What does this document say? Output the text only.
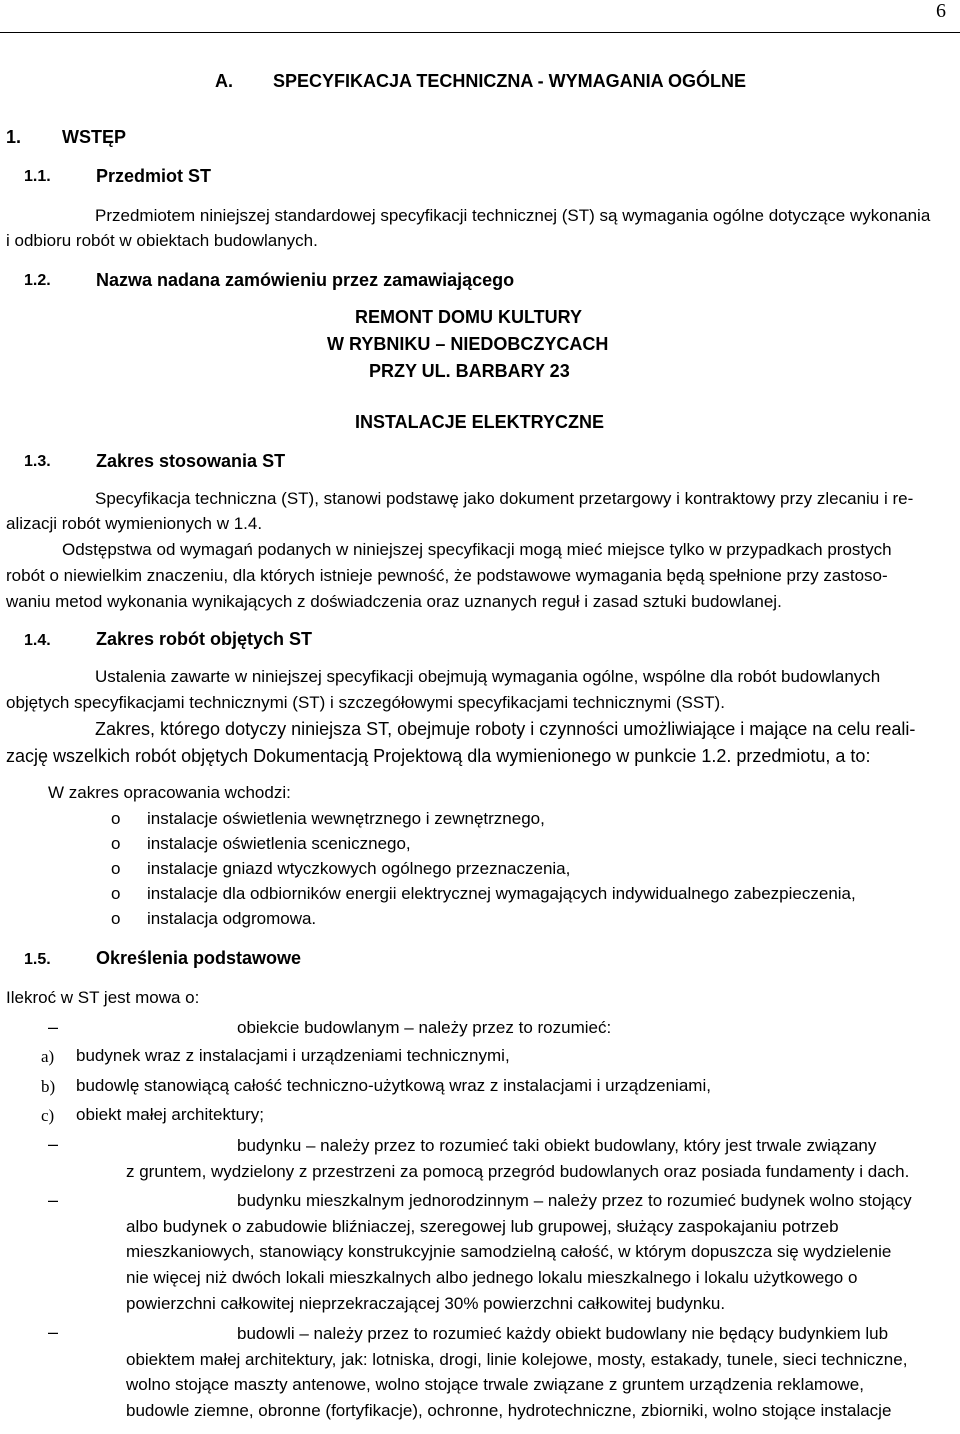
6
A. SPECYFIKACJA TECHNICZNA - WYMAGANIA OGÓLNE
1. WSTĘP
1.1.	Przedmiot ST
Przedmiotem niniejszej standardowej specyfikacji technicznej (ST) są wymagania ogólne dotyczące wykonania
i odbioru robót w obiektach budowlanych.
1.2.	Nazwa nadana zamówieniu przez zamawiającego
REMONT DOMU KULTURY
W RYBNIKU – NIEDOBCZYCACH
PRZY UL. BARBARY 23
INSTALACJE ELEKTRYCZNE
1.3.	Zakres stosowania ST
Specyfikacja techniczna (ST), stanowi podstawę jako dokument przetargowy i kontraktowy przy zlecaniu i re-
alizacji robót wymienionych w 1.4.
Odstępstwa od wymagań podanych w niniejszej specyfikacji mogą mieć miejsce tylko w przypadkach prostych
robót o niewielkim znaczeniu, dla których istnieje pewność, że podstawowe wymagania będą spełnione przy zastoso-
waniu metod wykonania wynikających z doświadczenia oraz uznanych reguł i zasad sztuki budowlanej.
1.4.	Zakres robót objętych ST
Ustalenia zawarte w niniejszej specyfikacji obejmują wymagania ogólne, wspólne dla robót budowlanych
objętych specyfikacjami technicznymi (ST) i szczegółowymi specyfikacjami technicznymi (SST).
Zakres, którego dotyczy niniejsza ST, obejmuje roboty i czynności umożliwiające i mające na celu reali-
zację wszelkich robót objętych Dokumentacją Projektową dla wymienionego w punkcie 1.2. przedmiotu, a to:
W zakres opracowania wchodzi:
o instalacje oświetlenia wewnętrznego i zewnętrznego,
o instalacje oświetlenia scenicznego,
o instalacje gniazd wtyczkowych ogólnego przeznaczenia,
o instalacje dla odbiorników energii elektrycznej wymagających indywidualnego zabezpieczenia,
o instalacja odgromowa.
1.5.	Określenia podstawowe
Ilekroć w ST jest mowa o:
–	obiekcie budowlanym – należy przez to rozumieć:
a) budynek wraz z instalacjami i urządzeniami technicznymi,
b) budowlę stanowiącą całość techniczno-użytkową wraz z instalacjami i urządzeniami,
c) obiekt małej architektury;
–	budynku – należy przez to rozumieć taki obiekt budowlany, który jest trwale związany
z gruntem, wydzielony z przestrzeni za pomocą przegród budowlanych oraz posiada fundamenty i dach.
–	budynku mieszkalnym jednorodzinnym – należy przez to rozumieć budynek wolno stojący
albo budynek o zabudowie bliźniaczej, szeregowej lub grupowej, służący zaspokajaniu potrzeb
mieszkaniowych, stanowiący konstrukcyjnie samodzielną całość, w którym dopuszcza się wydzielenie
nie więcej niż dwóch lokali mieszkalnych albo jednego lokalu mieszkalnego i lokalu użytkowego o
powierzchni całkowitej nieprzekraczającej 30% powierzchni całkowitej budynku.
–	budowli – należy przez to rozumieć każdy obiekt budowlany nie będący budynkiem lub
obiektem małej architektury, jak: lotniska, drogi, linie kolejowe, mosty, estakady, tunele, sieci techniczne,
wolno stojące maszty antenowe, wolno stojące trwale związane z gruntem urządzenia reklamowe,
budowle ziemne, obronne (fortyfikacje), ochronne, hydrotechniczne, zbiorniki, wolno stojące instalacje
